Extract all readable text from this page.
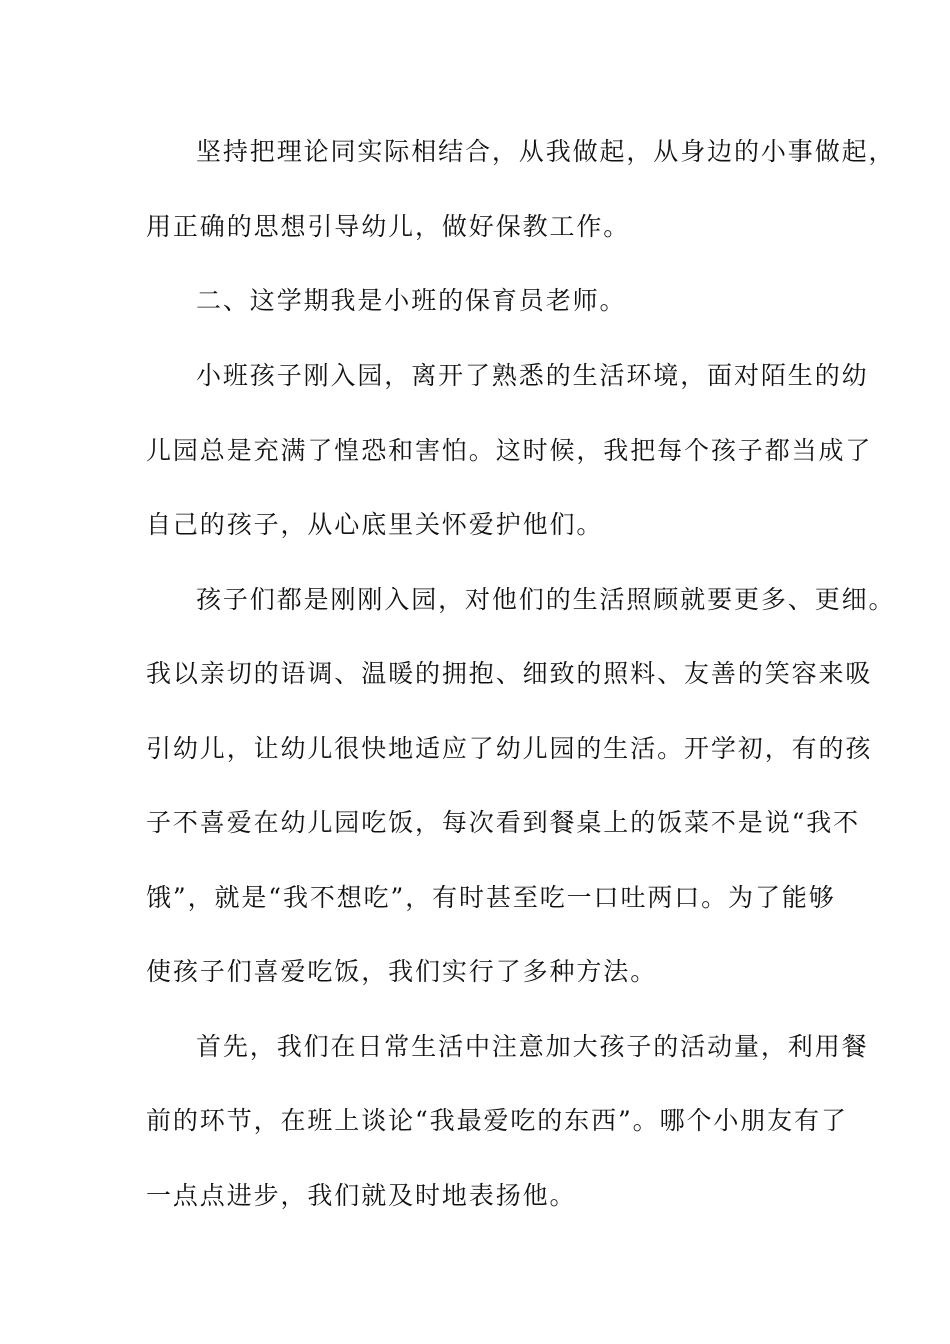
坚持把理论同实际相结合，从我做起，从身边的小事做起，
用正确的思想引导幼儿，做好保教工作。
二、这学期我是小班的保育员老师。
小班孩子刚入园，离开了熟悉的生活环境，面对陌生的幼
儿园总是充满了惶恐和害怕。这时候，我把每个孩子都当成了
自己的孩子，从心底里关怀爱护他们。
孩子们都是刚刚入园，对他们的生活照顾就要更多、更细。
我以亲切的语调、温暖的拥抱、细致的照料、友善的笑容来吸
引幼儿，让幼儿很快地适应了幼儿园的生活。开学初，有的孩
子不喜爱在幼儿园吃饭，每次看到餐桌上的饭菜不是说“我不
饿”，就是“我不想吃”，有时甚至吃一口吐两口。为了能够
使孩子们喜爱吃饭，我们实行了多种方法。
首先，我们在日常生活中注意加大孩子的活动量，利用餐
前的环节，在班上谈论“我最爱吃的东西”。哪个小朋友有了
一点点进步，我们就及时地表扬他。
